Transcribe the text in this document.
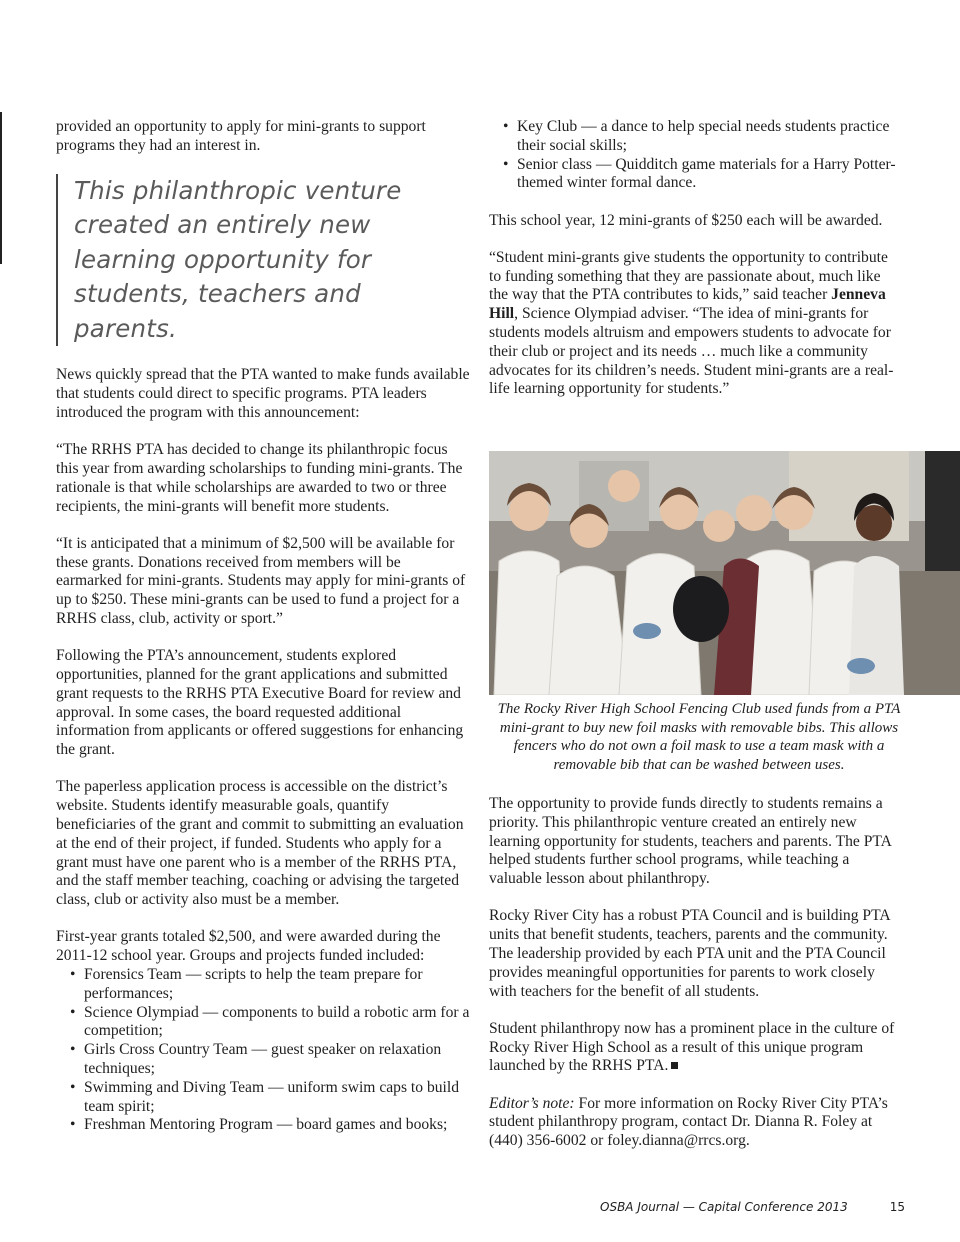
provided an opportunity to apply for mini-grants to support programs they had an interest in.

This philanthropic venture created an entirely new learning opportunity for students, teachers and parents.

News quickly spread that the PTA wanted to make funds available that students could direct to specific programs. PTA leaders introduced the program with this announcement:

“The RRHS PTA has decided to change its philanthropic focus this year from awarding scholarships to funding mini-grants. The rationale is that while scholarships are awarded to two or three recipients, the mini-grants will benefit more students.

“It is anticipated that a minimum of $2,500 will be available for these grants. Donations received from members will be earmarked for mini-grants. Students may apply for mini-grants of up to $250. These mini-grants can be used to fund a project for a RRHS class, club, activity or sport.”

Following the PTA’s announcement, students explored opportunities, planned for the grant applications and submitted grant requests to the RRHS PTA Executive Board for review and approval. In some cases, the board requested additional information from applicants or offered suggestions for enhancing the grant.

The paperless application process is accessible on the district’s website. Students identify measurable goals, quantify beneficiaries of the grant and commit to submitting an evaluation at the end of their project, if funded. Students who apply for a grant must have one parent who is a member of the RRHS PTA, and the staff member teaching, coaching or advising the targeted class, club or activity also must be a member.

First-year grants totaled $2,500, and were awarded during the 2011-12 school year. Groups and projects funded included:

• Forensics Team — scripts to help the team prepare for performances;
• Science Olympiad — components to build a robotic arm for a competition;
• Girls Cross Country Team — guest speaker on relaxation techniques;
• Swimming and Diving Team — uniform swim caps to build team spirit;
• Freshman Mentoring Program — board games and books;
• Key Club — a dance to help special needs students practice their social skills;
• Senior class — Quidditch game materials for a Harry Potter-themed winter formal dance.

This school year, 12 mini-grants of $250 each will be awarded.

“Student mini-grants give students the opportunity to contribute to funding something that they are passionate about, much like the way that the PTA contributes to kids,” said teacher Jenneva Hill, Science Olympiad adviser. “The idea of mini-grants for students models altruism and empowers students to advocate for their club or project and its needs … much like a community advocates for its children’s needs. Student mini-grants are a real-life learning opportunity for students.”

The Rocky River High School Fencing Club used funds from a PTA mini-grant to buy new foil masks with removable bibs. This allows fencers who do not own a foil mask to use a team mask with a removable bib that can be washed between uses.

The opportunity to provide funds directly to students remains a priority. This philanthropic venture created an entirely new learning opportunity for students, teachers and parents. The PTA helped students further school programs, while teaching a valuable lesson about philanthropy.

Rocky River City has a robust PTA Council and is building PTA units that benefit students, teachers, parents and the community. The leadership provided by each PTA unit and the PTA Council provides meaningful opportunities for parents to work closely with teachers for the benefit of all students.

Student philanthropy now has a prominent place in the culture of Rocky River High School as a result of this unique program launched by the RRHS PTA.

Editor’s note: For more information on Rocky River City PTA’s student philanthropy program, contact Dr. Dianna R. Foley at (440) 356-6002 or foley.dianna@rrcs.org.

OSBA Journal — Capital Conference 2013	15
